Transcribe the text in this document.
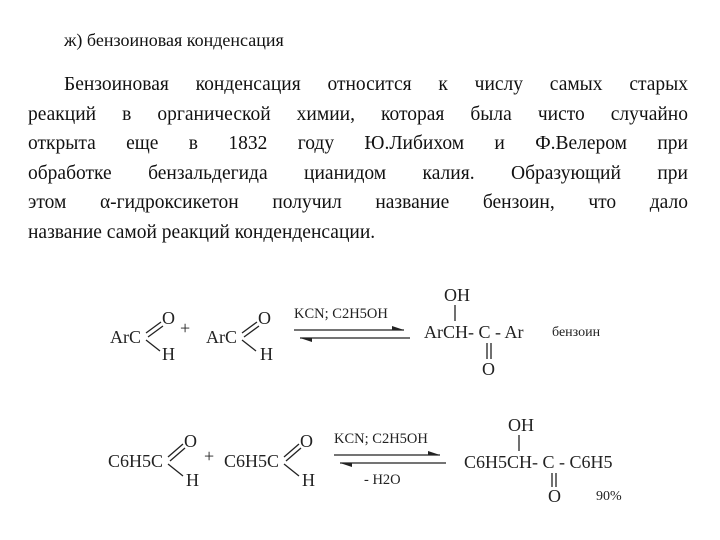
ж) бензоиновая конденсация
Бензоиновая конденсация относится к числу самых старых
реакций в органической химии, которая была чисто случайно
открыта еще в 1832 году Ю.Либихом и Ф.Велером при
обработке бензальдегида цианидом калия. Образующий при
этом α-гидроксикетон получил название бензоин, что дало
название самой реакций конденденсации.
ArC
O
H
+ ArC
O
H
KCN; C2H5OH
OH
ArCH- C - Ar
O
бензоин
C6H5C
O
H
+ C6H5C
O
H
KCN; C2H5OH
- H2O
OH
C6H5CH- C - C6H5
O	90%
